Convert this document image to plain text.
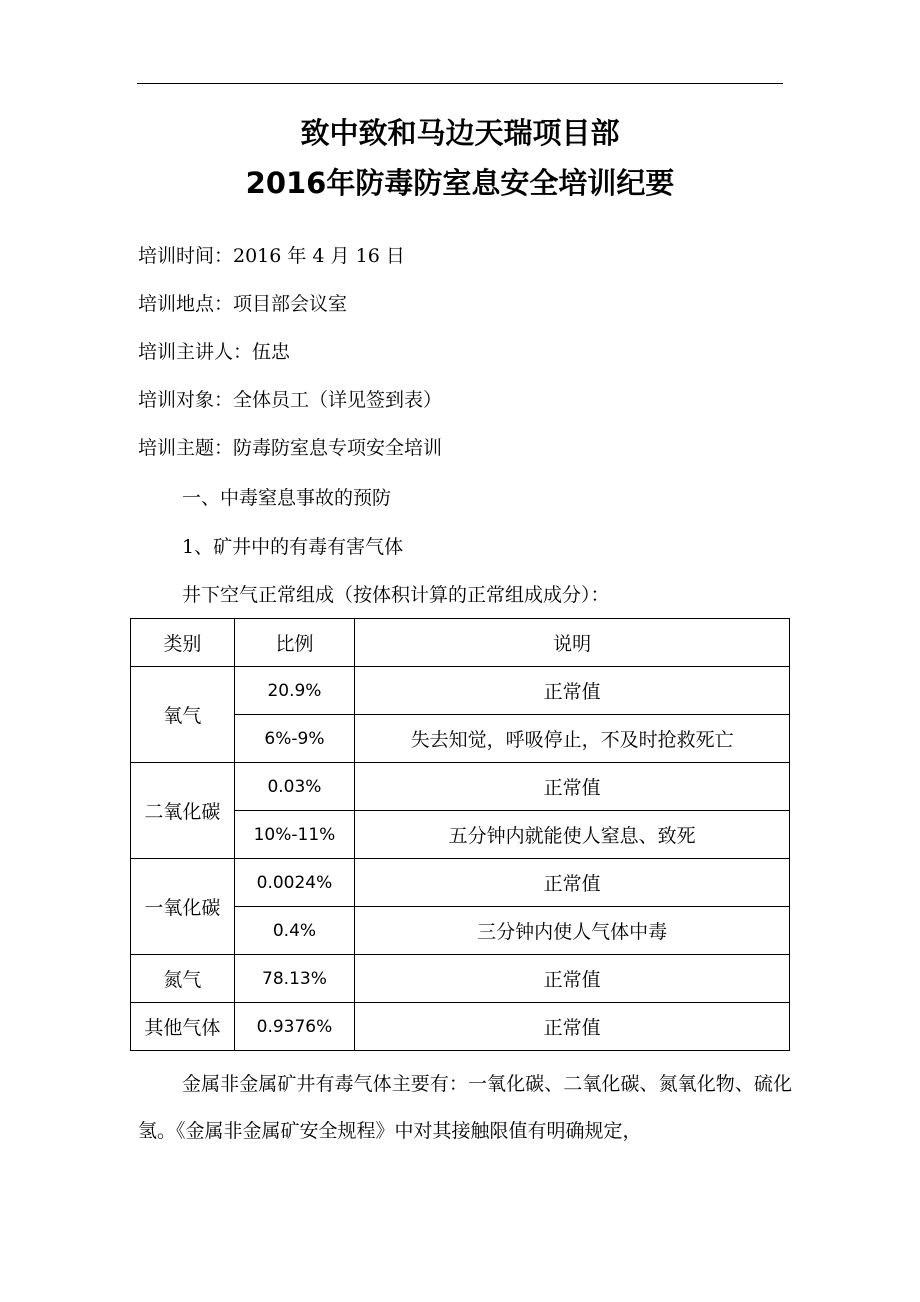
致中致和马边天瑞项目部
2016年防毒防室息安全培训纪要
培训时间：2016 年 4 月 16 日
培训地点：项目部会议室
培训主讲人：伍忠
培训对象：全体员工（详见签到表）
培训主题：防毒防室息专项安全培训
一、中毒窒息事故的预防
1、矿井中的有毒有害气体
井下空气正常组成（按体积计算的正常组成成分）：
类别	比例	说明
氧气	20.9%	正常值
	6%-9%	失去知觉，呼吸停止，不及时抢救死亡
二氧化碳	0.03%	正常值
	10%-11%	五分钟内就能使人窒息、致死
一氧化碳	0.0024%	正常值
	0.4%	三分钟内使人气体中毒
氮气	78.13%	正常值
其他气体	0.9376%	正常值
金属非金属矿井有毒气体主要有：一氧化碳、二氧化碳、氮氧化物、硫化氢。《金属非金属矿安全规程》中对其接触限值有明确规定，
